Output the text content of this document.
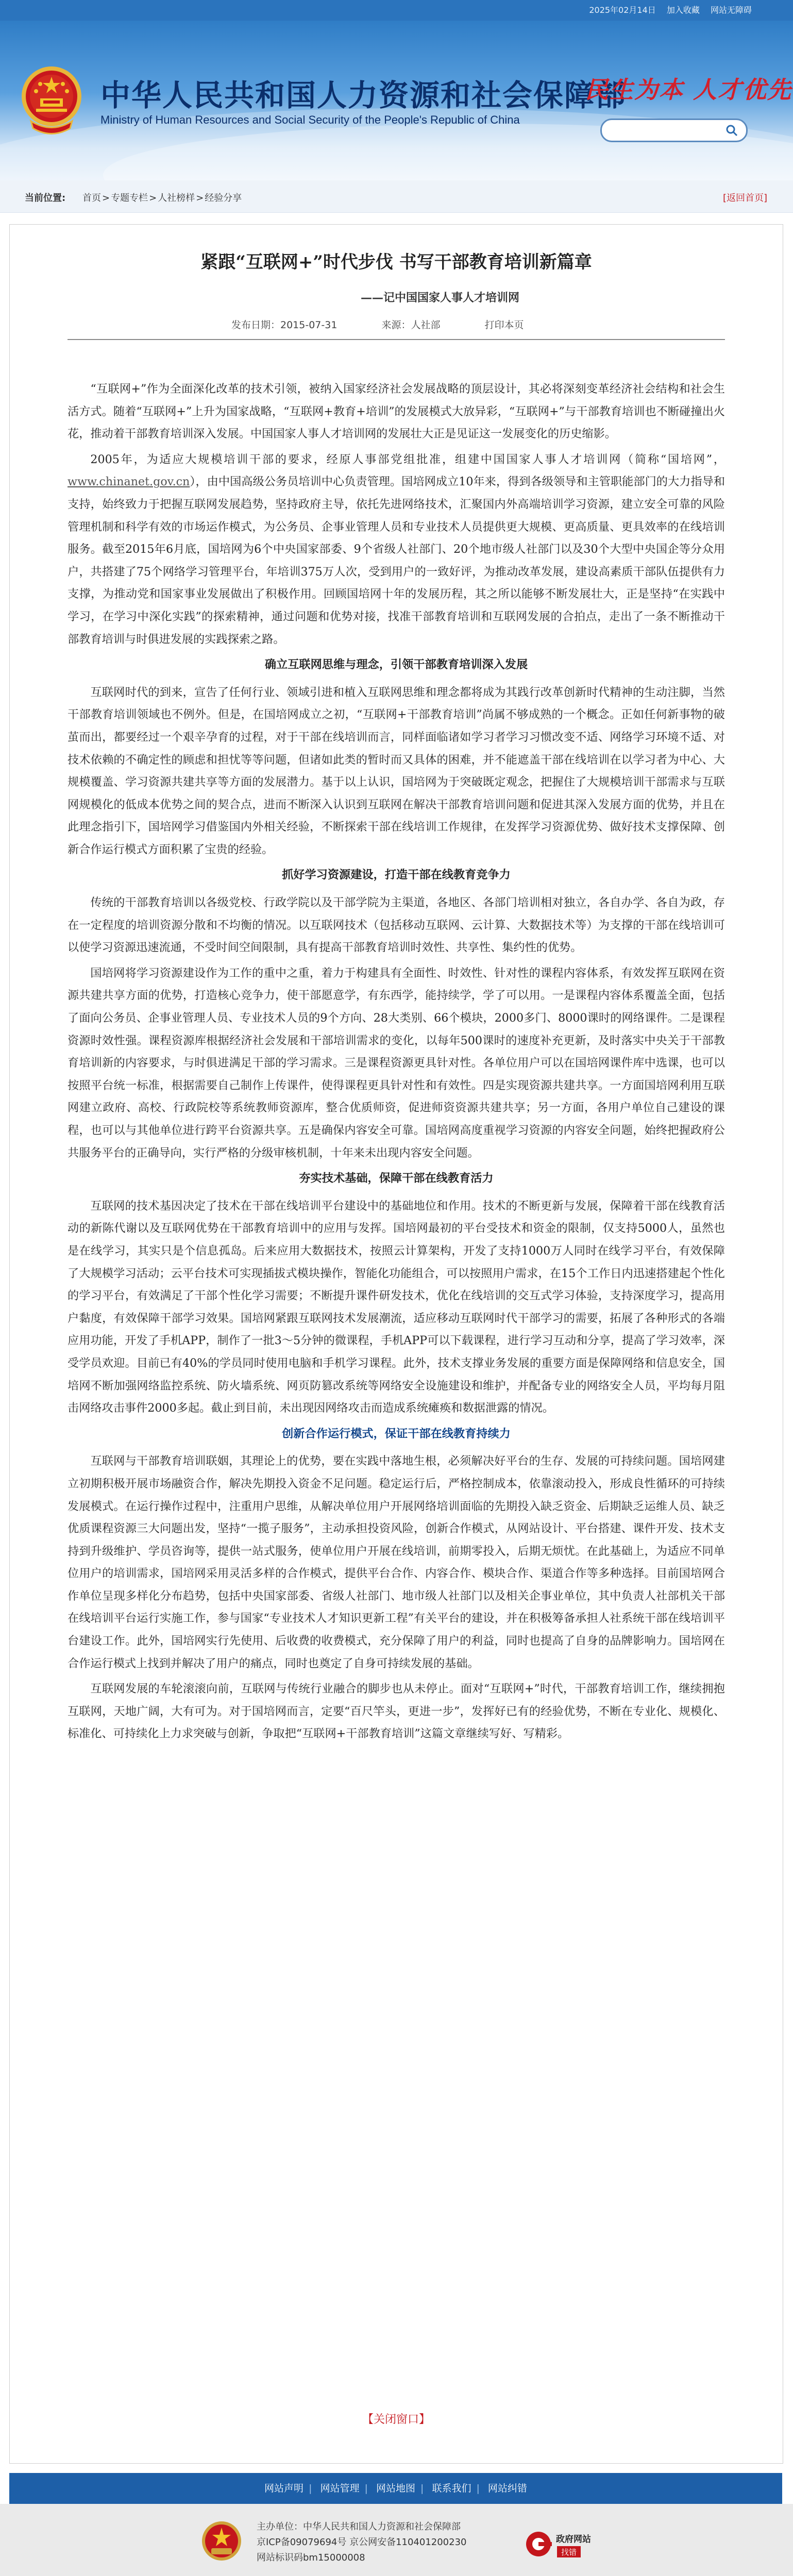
2025年02月14日 加入收藏 网站无障碍
中华人民共和国人力资源和社会保障部
Ministry of Human Resources and Social Security of the People's Republic of China
民生为本 人才优先
当前位置: 首页 > 专题专栏 > 人社榜样 > 经验分享	[返回首页]
紧跟“互联网+”时代步伐 书写干部教育培训新篇章
——记中国国家人事人才培训网
发布日期：2015-07-31	来源：人社部	打印本页

“互联网+”作为全面深化改革的技术引领，被纳入国家经济社会发展战略的顶层设计，其必将深刻变革经济社会结构和社会生活方式。随着“互联网+”上升为国家战略，“互联网+教育+培训”的发展模式大放异彩，“互联网+”与干部教育培训也不断碰撞出火花，推动着干部教育培训深入发展。中国国家人事人才培训网的发展壮大正是见证这一发展变化的历史缩影。

2005年，为适应大规模培训干部的要求，经原人事部党组批准，组建中国国家人事人才培训网（简称“国培网”，www.chinanet.gov.cn），由中国高级公务员培训中心负责管理。国培网成立10年来，得到各级领导和主管职能部门的大力指导和支持，始终致力于把握互联网发展趋势，坚持政府主导，依托先进网络技术，汇聚国内外高端培训学习资源，建立安全可靠的风险管理机制和科学有效的市场运作模式，为公务员、企事业管理人员和专业技术人员提供更大规模、更高质量、更具效率的在线培训服务。截至2015年6月底，国培网为6个中央国家部委、9个省级人社部门、20个地市级人社部门以及30个大型中央国企等分众用户，共搭建了75个网络学习管理平台，年培训375万人次，受到用户的一致好评，为推动改革发展，建设高素质干部队伍提供有力支撑，为推动党和国家事业发展做出了积极作用。回顾国培网十年的发展历程，其之所以能够不断发展壮大，正是坚持“在实践中学习，在学习中深化实践”的探索精神，通过问题和优势对接，找准干部教育培训和互联网发展的合拍点，走出了一条不断推动干部教育培训与时俱进发展的实践探索之路。

确立互联网思维与理念，引领干部教育培训深入发展

互联网时代的到来，宣告了任何行业、领域引进和植入互联网思维和理念都将成为其践行改革创新时代精神的生动注脚，当然干部教育培训领域也不例外。但是，在国培网成立之初，“互联网+干部教育培训”尚属不够成熟的一个概念。正如任何新事物的破茧而出，都要经过一个艰辛孕育的过程，对于干部在线培训而言，同样面临诸如学习者学习习惯改变不适、网络学习环境不适、对技术依赖的不确定性的顾虑和担忧等等问题，但诸如此类的暂时而又具体的困难，并不能遮盖干部在线培训在以学习者为中心、大规模覆盖、学习资源共建共享等方面的发展潜力。基于以上认识，国培网为于突破既定观念，把握住了大规模培训干部需求与互联网规模化的低成本优势之间的契合点，进而不断深入认识到互联网在解决干部教育培训问题和促进其深入发展方面的优势，并且在此理念指引下，国培网学习借鉴国内外相关经验，不断探索干部在线培训工作规律，在发挥学习资源优势、做好技术支撑保障、创新合作运行模式方面积累了宝贵的经验。

抓好学习资源建设，打造干部在线教育竞争力

传统的干部教育培训以各级党校、行政学院以及干部学院为主渠道，各地区、各部门培训相对独立，各自办学、各自为政，存在一定程度的培训资源分散和不均衡的情况。以互联网技术（包括移动互联网、云计算、大数据技术等）为支撑的干部在线培训可以使学习资源迅速流通，不受时间空间限制，具有提高干部教育培训时效性、共享性、集约性的优势。

国培网将学习资源建设作为工作的重中之重，着力于构建具有全面性、时效性、针对性的课程内容体系，有效发挥互联网在资源共建共享方面的优势，打造核心竞争力，使干部愿意学，有东西学，能持续学，学了可以用。一是课程内容体系覆盖全面，包括了面向公务员、企事业管理人员、专业技术人员的9个方向、28大类别、66个模块，2000多门、8000课时的网络课件。二是课程资源时效性强。课程资源库根据经济社会发展和干部培训需求的变化，以每年500课时的速度补充更新，及时落实中央关于干部教育培训新的内容要求，与时俱进满足干部的学习需求。三是课程资源更具针对性。各单位用户可以在国培网课件库中选课，也可以按照平台统一标准，根据需要自己制作上传课件，使得课程更具针对性和有效性。四是实现资源共建共享。一方面国培网利用互联网建立政府、高校、行政院校等系统教师资源库，整合优质师资，促进师资资源共建共享；另一方面，各用户单位自己建设的课程，也可以与其他单位进行跨平台资源共享。五是确保内容安全可靠。国培网高度重视学习资源的内容安全问题，始终把握政府公共服务平台的正确导向，实行严格的分级审核机制，十年来未出现内容安全问题。

夯实技术基础，保障干部在线教育活力

互联网的技术基因决定了技术在干部在线培训平台建设中的基础地位和作用。技术的不断更新与发展，保障着干部在线教育活动的新陈代谢以及互联网优势在干部教育培训中的应用与发挥。国培网最初的平台受技术和资金的限制，仅支持5000人，虽然也是在线学习，其实只是个信息孤岛。后来应用大数据技术，按照云计算架构，开发了支持1000万人同时在线学习平台，有效保障了大规模学习活动；云平台技术可实现插拔式模块操作，智能化功能组合，可以按照用户需求，在15个工作日内迅速搭建起个性化的学习平台，有效满足了干部个性化学习需要；不断提升课件研发技术，优化在线培训的交互式学习体验，支持深度学习，提高用户黏度，有效保障干部学习效果。国培网紧跟互联网技术发展潮流，适应移动互联网时代干部学习的需要，拓展了各种形式的各端应用功能，开发了手机APP，制作了一批3～5分钟的微课程，手机APP可以下载课程，进行学习互动和分享，提高了学习效率，深受学员欢迎。目前已有40%的学员同时使用电脑和手机学习课程。此外，技术支撑业务发展的重要方面是保障网络和信息安全，国培网不断加强网络监控系统、防火墙系统、网页防篡改系统等网络安全设施建设和维护，并配备专业的网络安全人员，平均每月阻击网络攻击事件2000多起。截止到目前，未出现因网络攻击而造成系统瘫痪和数据泄露的情况。

创新合作运行模式，保证干部在线教育持续力

互联网与干部教育培训联姻，其理论上的优势，要在实践中落地生根，必须解决好平台的生存、发展的可持续问题。国培网建立初期积极开展市场融资合作，解决先期投入资金不足问题。稳定运行后，严格控制成本，依靠滚动投入，形成良性循环的可持续发展模式。在运行操作过程中，注重用户思维，从解决单位用户开展网络培训面临的先期投入缺乏资金、后期缺乏运维人员、缺乏优质课程资源三大问题出发，坚持“一揽子服务”，主动承担投资风险，创新合作模式，从网站设计、平台搭建、课件开发、技术支持到升级维护、学员咨询等，提供一站式服务，使单位用户开展在线培训，前期零投入，后期无烦忧。在此基础上，为适应不同单位用户的培训需求，国培网采用灵活多样的合作模式，提供平台合作、内容合作、模块合作、渠道合作等多种选择。目前国培网合作单位呈现多样化分布趋势，包括中央国家部委、省级人社部门、地市级人社部门以及相关企事业单位，其中负责人社部机关干部在线培训平台运行实施工作，参与国家“专业技术人才知识更新工程”有关平台的建设，并在积极筹备承担人社系统干部在线培训平台建设工作。此外，国培网实行先使用、后收费的收费模式，充分保障了用户的利益，同时也提高了自身的品牌影响力。国培网在合作运行模式上找到并解决了用户的痛点，同时也奠定了自身可持续发展的基础。

互联网发展的车轮滚滚向前，互联网与传统行业融合的脚步也从未停止。面对“互联网+”时代，干部教育培训工作，继续拥抱互联网，天地广阔，大有可为。对于国培网而言，定要“百尺竿头，更进一步”，发挥好已有的经验优势，不断在专业化、规模化、标准化、可持续化上力求突破与创新，争取把“互联网+干部教育培训”这篇文章继续写好、写精彩。

【关闭窗口】
网站声明 | 网站管理 | 网站地图 | 联系我们 | 网站纠错
主办单位：中华人民共和国人力资源和社会保障部
京ICP备09079694号 京公网安备110401200230
网站标识码bm15000008
政府网站
找错
